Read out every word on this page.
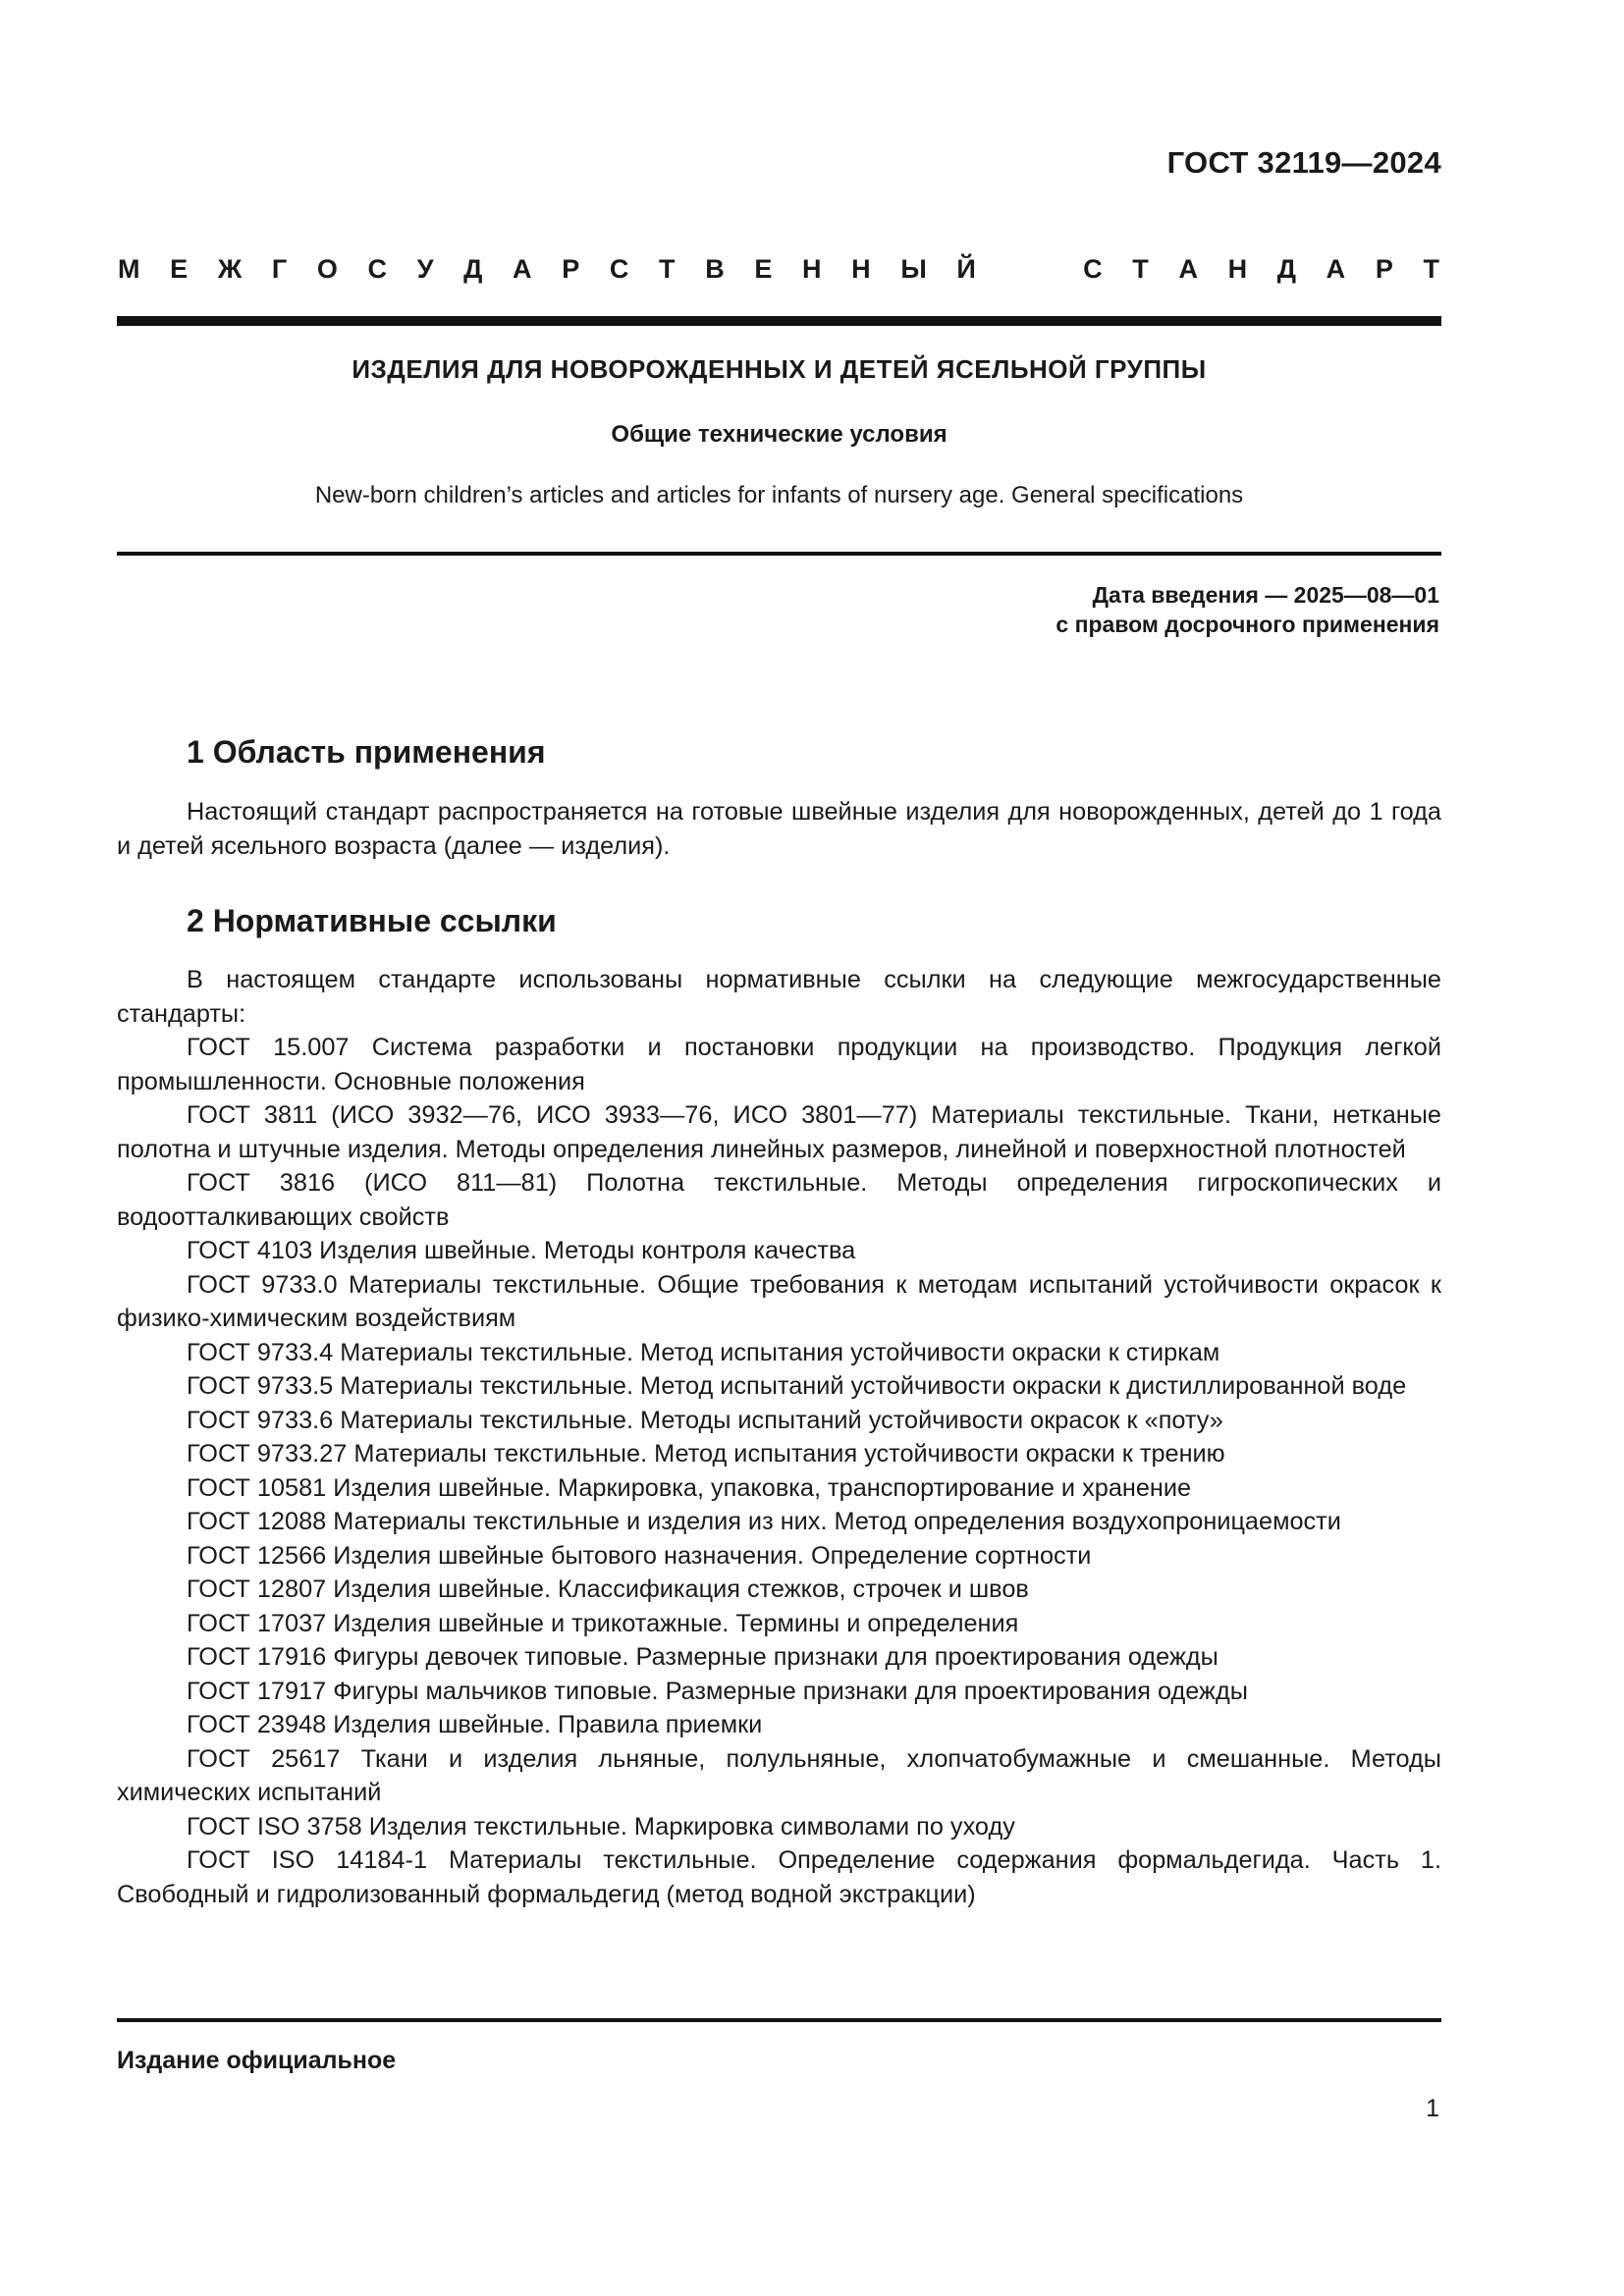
ГОСТ 32119—2024
М Е Ж Г О С У Д А Р С Т В Е Н Н Ы Й	С Т А Н Д А Р Т
ИЗДЕЛИЯ ДЛЯ НОВОРОЖДЕННЫХ И ДЕТЕЙ ЯСЕЛЬНОЙ ГРУППЫ
Общие технические условия
New-born children’s articles and articles for infants of nursery age. General specifications
Дата введения — 2025—08—01
с правом досрочного применения
1 Область применения

Настоящий стандарт распространяется на готовые швейные изделия для новорожденных, детей до 1 года и детей ясельного возраста (далее — изделия).

2 Нормативные ссылки

В настоящем стандарте использованы нормативные ссылки на следующие межгосударственные стандарты:

ГОСТ 15.007 Система разработки и постановки продукции на производство. Продукция легкой промышленности. Основные положения

ГОСТ 3811 (ИСО 3932—76, ИСО 3933—76, ИСО 3801—77) Материалы текстильные. Ткани, нетканые полотна и штучные изделия. Методы определения линейных размеров, линейной и поверхностной плотностей

ГОСТ 3816 (ИСО 811—81) Полотна текстильные. Методы определения гигроскопических и водоотталкивающих свойств

ГОСТ 4103 Изделия швейные. Методы контроля качества

ГОСТ 9733.0 Материалы текстильные. Общие требования к методам испытаний устойчивости окрасок к физико-химическим воздействиям

ГОСТ 9733.4 Материалы текстильные. Метод испытания устойчивости окраски к стиркам

ГОСТ 9733.5 Материалы текстильные. Метод испытаний устойчивости окраски к дистиллированной воде

ГОСТ 9733.6 Материалы текстильные. Методы испытаний устойчивости окрасок к «поту»

ГОСТ 9733.27 Материалы текстильные. Метод испытания устойчивости окраски к трению

ГОСТ 10581 Изделия швейные. Маркировка, упаковка, транспортирование и хранение

ГОСТ 12088 Материалы текстильные и изделия из них. Метод определения воздухопроницаемости

ГОСТ 12566 Изделия швейные бытового назначения. Определение сортности

ГОСТ 12807 Изделия швейные. Классификация стежков, строчек и швов

ГОСТ 17037 Изделия швейные и трикотажные. Термины и определения

ГОСТ 17916 Фигуры девочек типовые. Размерные признаки для проектирования одежды

ГОСТ 17917 Фигуры мальчиков типовые. Размерные признаки для проектирования одежды

ГОСТ 23948 Изделия швейные. Правила приемки

ГОСТ 25617 Ткани и изделия льняные, полульняные, хлопчатобумажные и смешанные. Методы химических испытаний

ГОСТ ISO 3758 Изделия текстильные. Маркировка символами по уходу

ГОСТ ISO 14184-1 Материалы текстильные. Определение содержания формальдегида. Часть 1. Свободный и гидролизованный формальдегид (метод водной экстракции)

Издание официальное
1
